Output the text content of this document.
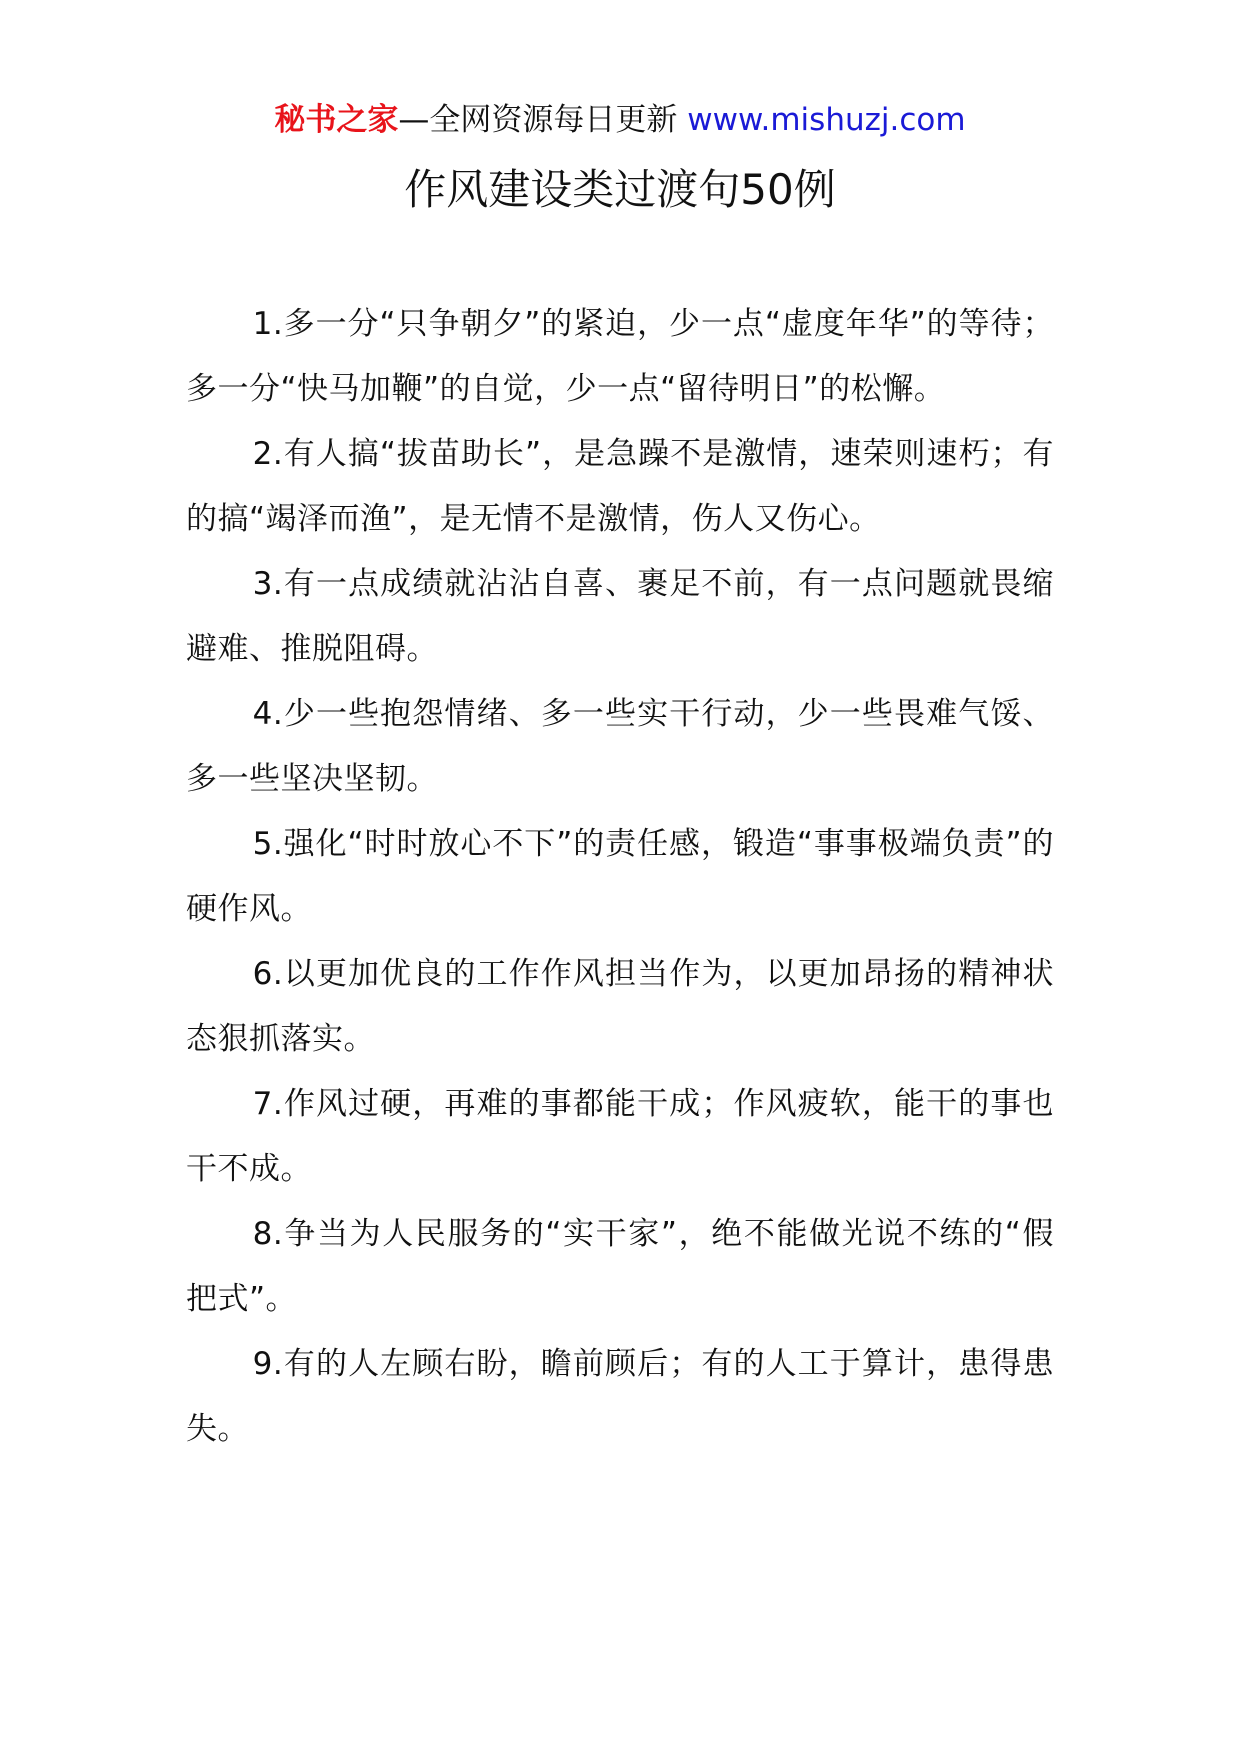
秘书之家—全网资源每日更新 www.mishuzj.com
作风建设类过渡句50例

1.多一分“只争朝夕”的紧迫，少一点“虚度年华”的等待；多一分“快马加鞭”的自觉，少一点“留待明日”的松懈。

2.有人搞“拔苗助长”，是急躁不是激情，速荣则速朽；有的搞“竭泽而渔”，是无情不是激情，伤人又伤心。

3.有一点成绩就沾沾自喜、裹足不前，有一点问题就畏缩避难、推脱阻碍。

4.少一些抱怨情绪、多一些实干行动，少一些畏难气馁、多一些坚决坚韧。

5.强化“时时放心不下”的责任感，锻造“事事极端负责”的硬作风。

6.以更加优良的工作作风担当作为，以更加昂扬的精神状态狠抓落实。

7.作风过硬，再难的事都能干成；作风疲软，能干的事也干不成。

8.争当为人民服务的“实干家”，绝不能做光说不练的“假把式”。

9.有的人左顾右盼，瞻前顾后；有的人工于算计，患得患失。
